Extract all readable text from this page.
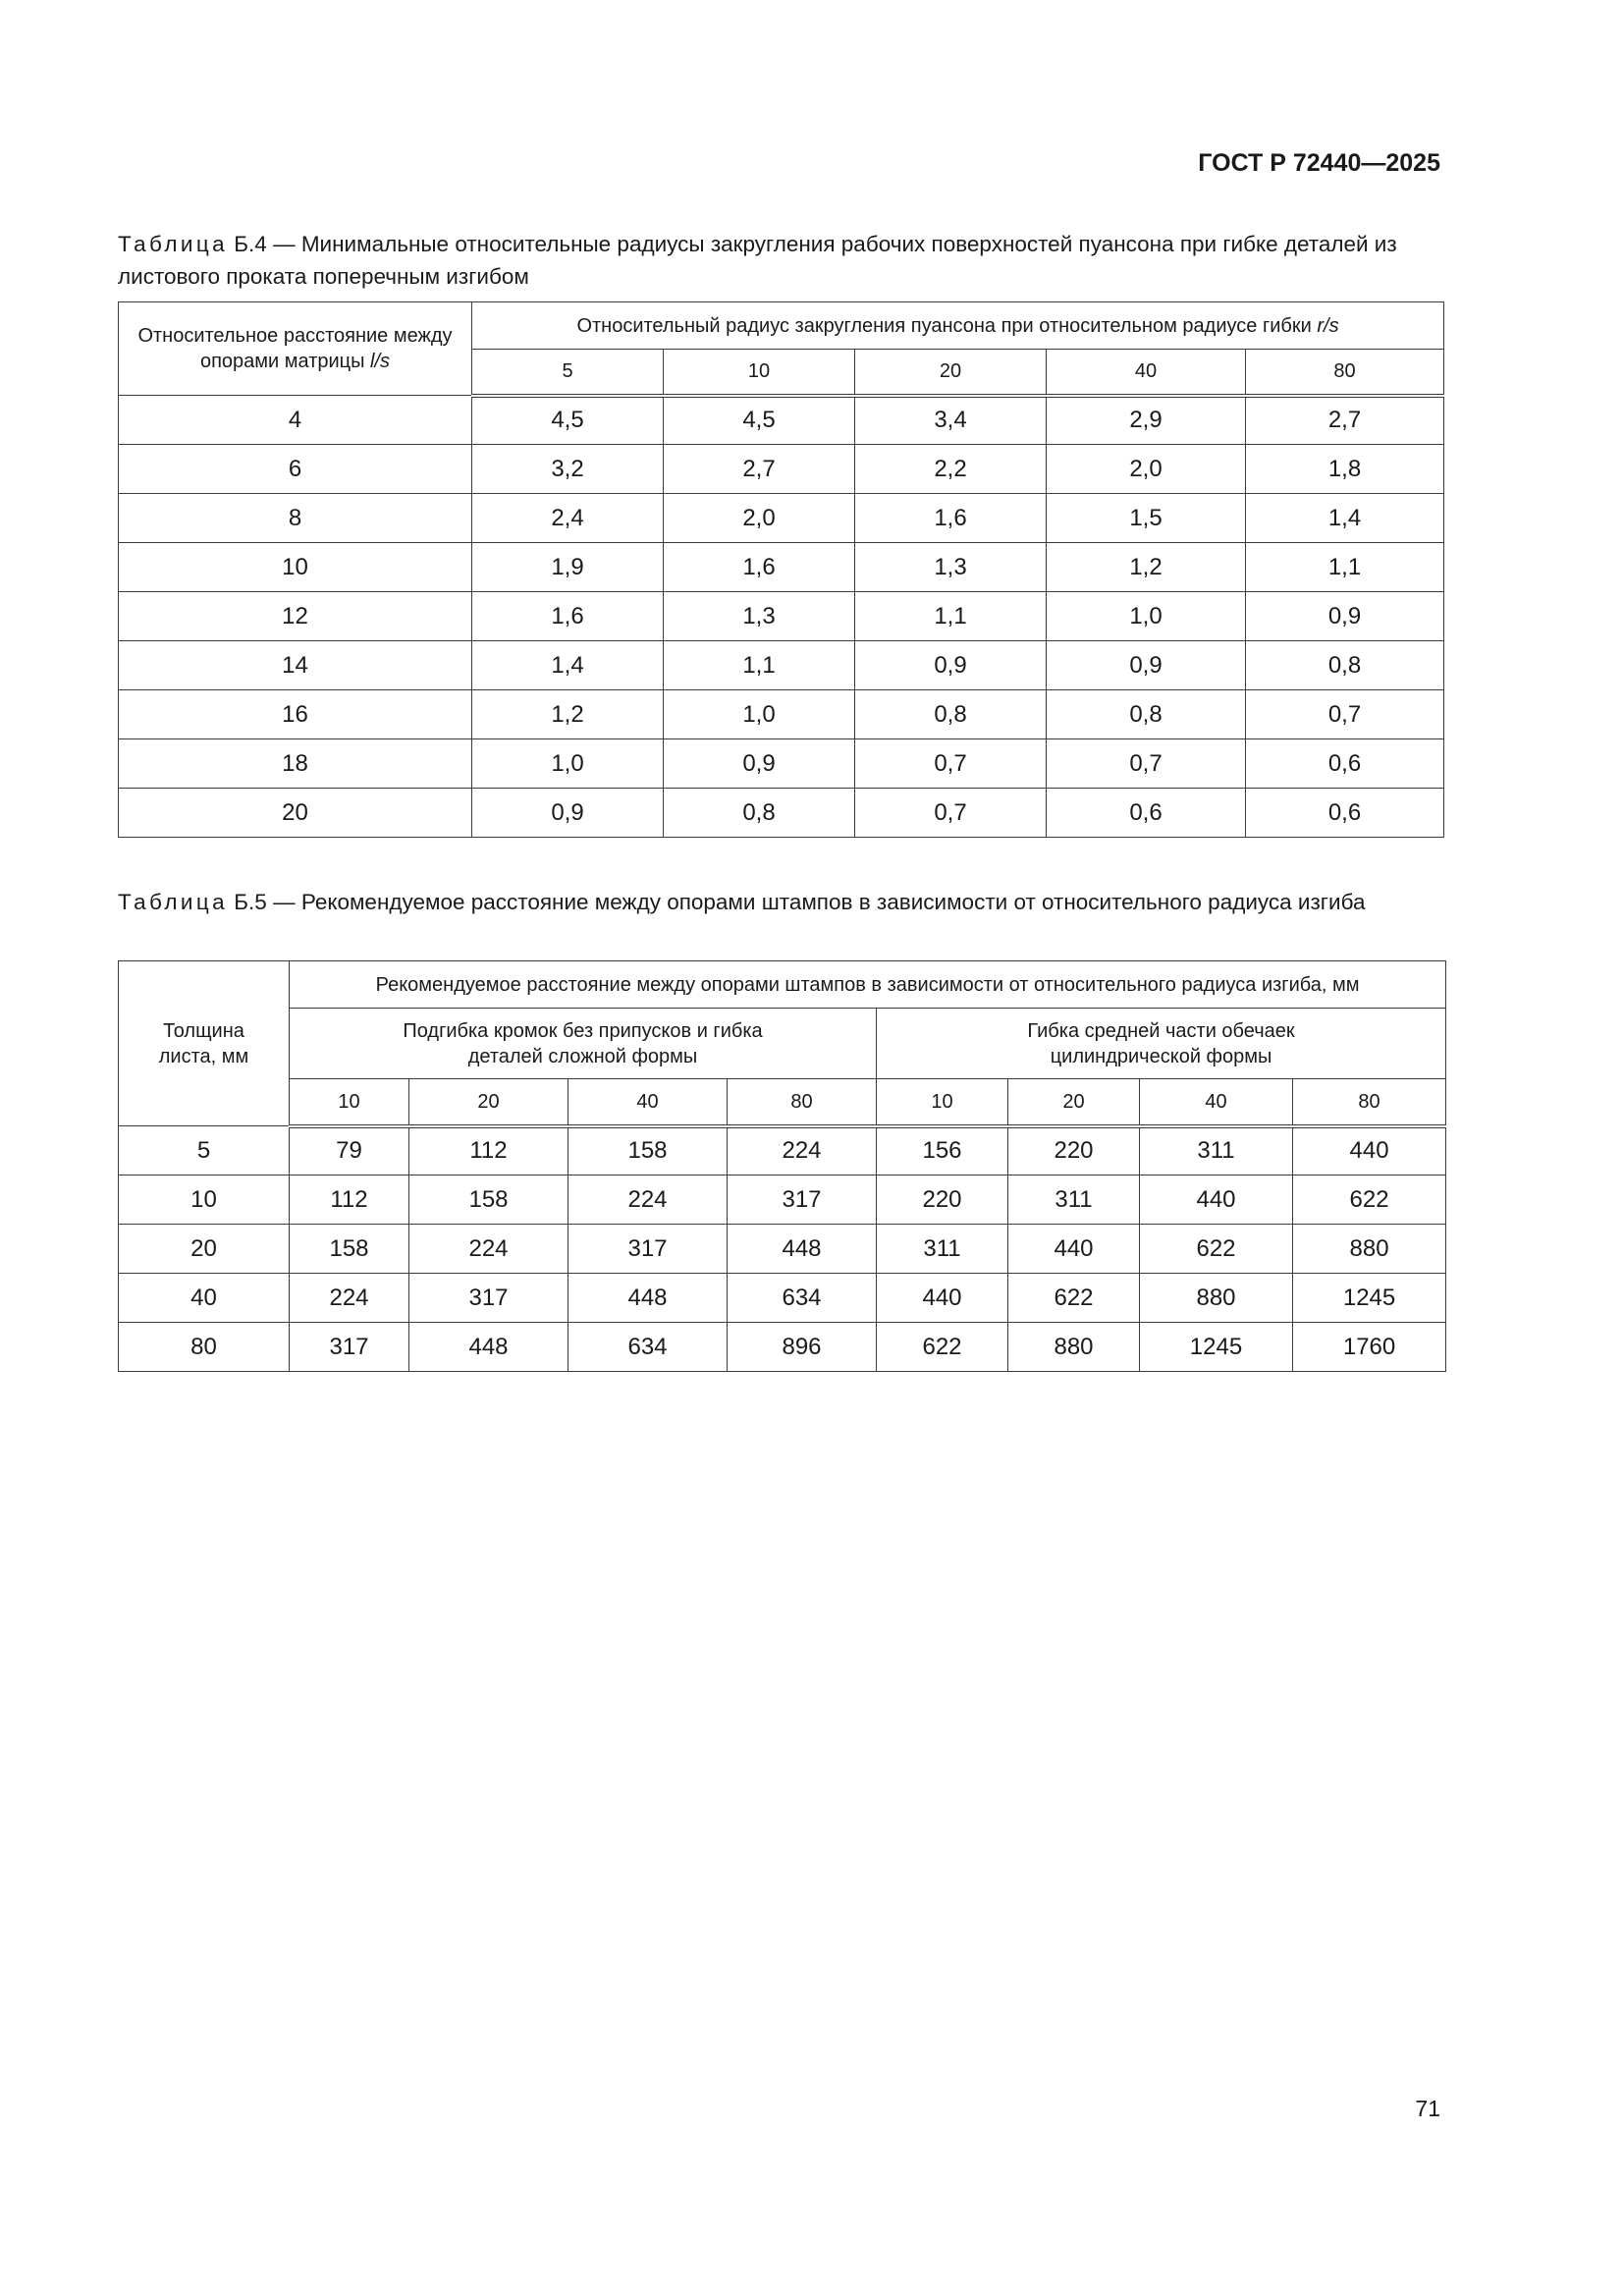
ГОСТ Р 72440—2025
Таблица Б.4 — Минимальные относительные радиусы закругления рабочих поверхностей пуансона при гибке деталей из листового проката поперечным изгибом
Относительное расстояние между опорами матрицы l/s	Относительный радиус закругления пуансона при относительном радиусе гибки r/s				
	5	10	20	40	80
4	4,5	4,5	3,4	2,9	2,7
6	3,2	2,7	2,2	2,0	1,8
8	2,4	2,0	1,6	1,5	1,4
10	1,9	1,6	1,3	1,2	1,1
12	1,6	1,3	1,1	1,0	0,9
14	1,4	1,1	0,9	0,9	0,8
16	1,2	1,0	0,8	0,8	0,7
18	1,0	0,9	0,7	0,7	0,6
20	0,9	0,8	0,7	0,6	0,6
Таблица Б.5 — Рекомендуемое расстояние между опорами штампов в зависимости от относительного радиуса изгиба
Толщина листа, мм	Рекомендуемое расстояние между опорами штампов в зависимости от относительного радиуса изгиба, мм							
	Подгибка кромок без припусков и гибка деталей сложной формы				Гибка средней части обечаек цилиндрической формы			
	10	20	40	80	10	20	40	80
5	79	112	158	224	156	220	311	440
10	112	158	224	317	220	311	440	622
20	158	224	317	448	311	440	622	880
40	224	317	448	634	440	622	880	1245
80	317	448	634	896	622	880	1245	1760
71
